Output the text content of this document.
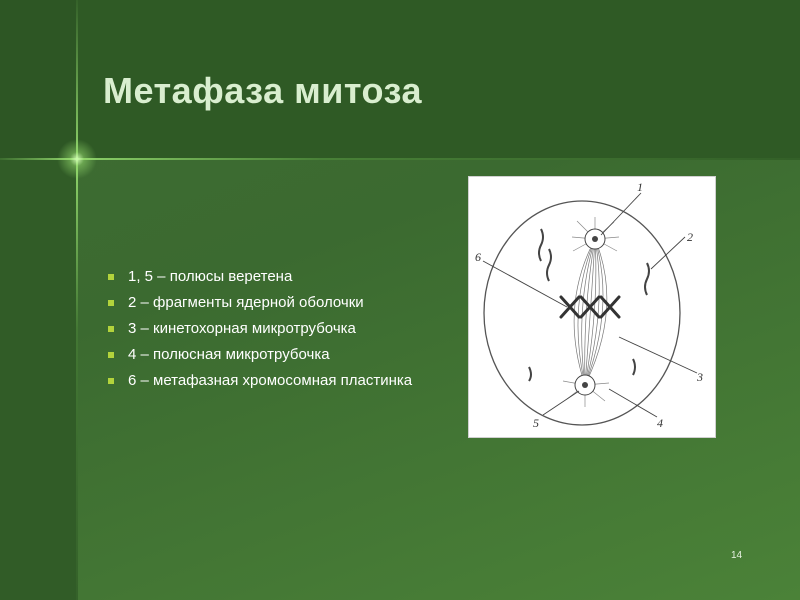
Метафаза митоза
1, 5 – полюсы веретена
2 – фрагменты ядерной оболочки
3 – кинетохорная микротрубочка
4 – полюсная микротрубочка
6 – метафазная хромосомная пластинка
1
2
3
4
5
6
14
